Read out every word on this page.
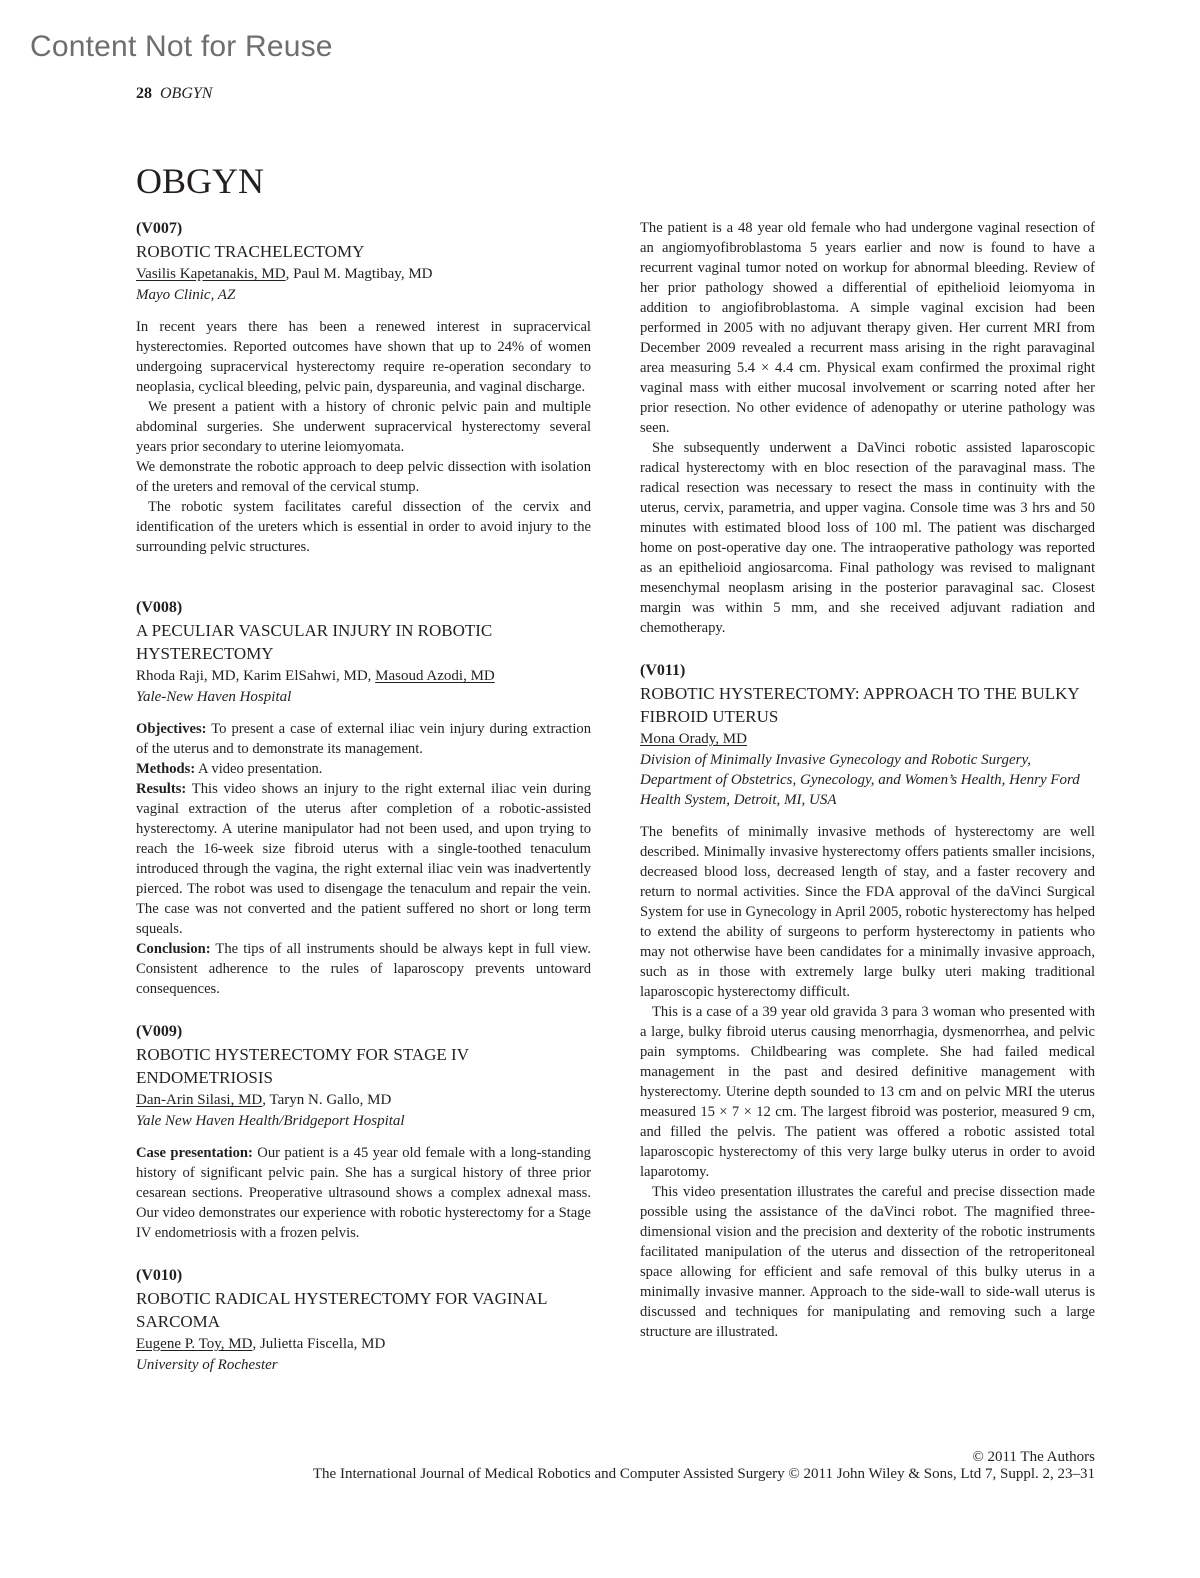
Content Not for Reuse
28 OBGYN
OBGYN
(V007)
ROBOTIC TRACHELECTOMY
Vasilis Kapetanakis, MD, Paul M. Magtibay, MD
Mayo Clinic, AZ

In recent years there has been a renewed interest in supracervical hysterectomies. Reported outcomes have shown that up to 24% of women undergoing supracervical hysterectomy require re-operation secondary to neoplasia, cyclical bleeding, pelvic pain, dyspareunia, and vaginal discharge.

We present a patient with a history of chronic pelvic pain and multiple abdominal surgeries. She underwent supracervical hysterectomy several years prior secondary to uterine leiomyomata.

We demonstrate the robotic approach to deep pelvic dissection with isolation of the ureters and removal of the cervical stump.

The robotic system facilitates careful dissection of the cervix and identification of the ureters which is essential in order to avoid injury to the surrounding pelvic structures.

(V008)
A PECULIAR VASCULAR INJURY IN ROBOTIC HYSTERECTOMY
Rhoda Raji, MD, Karim ElSahwi, MD, Masoud Azodi, MD
Yale-New Haven Hospital

Objectives: To present a case of external iliac vein injury during extraction of the uterus and to demonstrate its management.

Methods: A video presentation.

Results: This video shows an injury to the right external iliac vein during vaginal extraction of the uterus after completion of a robotic-assisted hysterectomy. A uterine manipulator had not been used, and upon trying to reach the 16-week size fibroid uterus with a single-toothed tenaculum introduced through the vagina, the right external iliac vein was inadvertently pierced. The robot was used to disengage the tenaculum and repair the vein. The case was not converted and the patient suffered no short or long term squeals.

Conclusion: The tips of all instruments should be always kept in full view. Consistent adherence to the rules of laparoscopy prevents untoward consequences.

(V009)
ROBOTIC HYSTERECTOMY FOR STAGE IV ENDOMETRIOSIS
Dan-Arin Silasi, MD, Taryn N. Gallo, MD
Yale New Haven Health/Bridgeport Hospital

Case presentation: Our patient is a 45 year old female with a long-standing history of significant pelvic pain. She has a surgical history of three prior cesarean sections. Preoperative ultrasound shows a complex adnexal mass. Our video demonstrates our experience with robotic hysterectomy for a Stage IV endometriosis with a frozen pelvis.

(V010)
ROBOTIC RADICAL HYSTERECTOMY FOR VAGINAL SARCOMA
Eugene P. Toy, MD, Julietta Fiscella, MD
University of Rochester

The patient is a 48 year old female who had undergone vaginal resection of an angiomyofibroblastoma 5 years earlier and now is found to have a recurrent vaginal tumor noted on workup for abnormal bleeding. Review of her prior pathology showed a differential of epithelioid leiomyoma in addition to angiofibroblastoma. A simple vaginal excision had been performed in 2005 with no adjuvant therapy given. Her current MRI from December 2009 revealed a recurrent mass arising in the right paravaginal area measuring 5.4 × 4.4 cm. Physical exam confirmed the proximal right vaginal mass with either mucosal involvement or scarring noted after her prior resection. No other evidence of adenopathy or uterine pathology was seen.

She subsequently underwent a DaVinci robotic assisted laparoscopic radical hysterectomy with en bloc resection of the paravaginal mass. The radical resection was necessary to resect the mass in continuity with the uterus, cervix, parametria, and upper vagina. Console time was 3 hrs and 50 minutes with estimated blood loss of 100 ml. The patient was discharged home on post-operative day one. The intraoperative pathology was reported as an epithelioid angiosarcoma. Final pathology was revised to malignant mesenchymal neoplasm arising in the posterior paravaginal sac. Closest margin was within 5 mm, and she received adjuvant radiation and chemotherapy.

(V011)
ROBOTIC HYSTERECTOMY: APPROACH TO THE BULKY FIBROID UTERUS
Mona Orady, MD
Division of Minimally Invasive Gynecology and Robotic Surgery, Department of Obstetrics, Gynecology, and Women’s Health, Henry Ford Health System, Detroit, MI, USA

The benefits of minimally invasive methods of hysterectomy are well described. Minimally invasive hysterectomy offers patients smaller incisions, decreased blood loss, decreased length of stay, and a faster recovery and return to normal activities. Since the FDA approval of the daVinci Surgical System for use in Gynecology in April 2005, robotic hysterectomy has helped to extend the ability of surgeons to perform hysterectomy in patients who may not otherwise have been candidates for a minimally invasive approach, such as in those with extremely large bulky uteri making traditional laparoscopic hysterectomy difficult.

This is a case of a 39 year old gravida 3 para 3 woman who presented with a large, bulky fibroid uterus causing menorrhagia, dysmenorrhea, and pelvic pain symptoms. Childbearing was complete. She had failed medical management in the past and desired definitive management with hysterectomy. Uterine depth sounded to 13 cm and on pelvic MRI the uterus measured 15 × 7 × 12 cm. The largest fibroid was posterior, measured 9 cm, and filled the pelvis. The patient was offered a robotic assisted total laparoscopic hysterectomy of this very large bulky uterus in order to avoid laparotomy.

This video presentation illustrates the careful and precise dissection made possible using the assistance of the daVinci robot. The magnified three-dimensional vision and the precision and dexterity of the robotic instruments facilitated manipulation of the uterus and dissection of the retroperitoneal space allowing for efficient and safe removal of this bulky uterus in a minimally invasive manner. Approach to the side-wall to side-wall uterus is discussed and techniques for manipulating and removing such a large structure are illustrated.

© 2011 The Authors
The International Journal of Medical Robotics and Computer Assisted Surgery © 2011 John Wiley & Sons, Ltd 7, Suppl. 2, 23–31
